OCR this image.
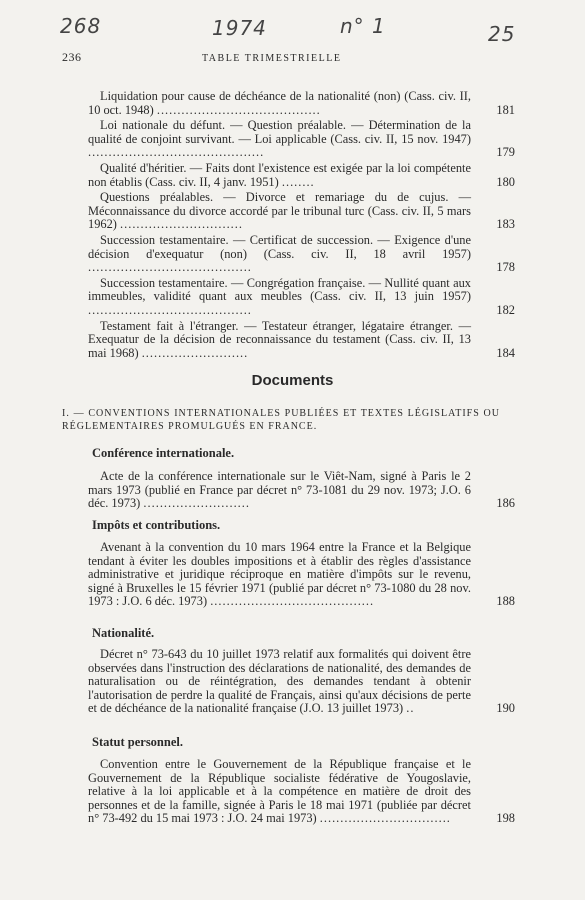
268	1974	n° 1	25
236	TABLE TRIMESTRIELLE

Liquidation pour cause de déchéance de la nationalité (non) (Cass. civ. II, 10 oct. 1948) ........................................	181

Loi nationale du défunt. — Question préalable. — Détermination de la qualité de conjoint survivant. — Loi applicable (Cass. civ. II, 15 nov. 1947) ...........................................	179

Qualité d'héritier. — Faits dont l'existence est exigée par la loi compétente non établis (Cass. civ. II, 4 janv. 1951) ........	180

Questions préalables. — Divorce et remariage du de cujus. — Méconnaissance du divorce accordé par le tribunal turc (Cass. civ. II, 5 mars 1962) ..............................	183

Succession testamentaire. — Certificat de succession. — Exigence d'une décision d'exequatur (non) (Cass. civ. II, 18 avril 1957) ........................................	178

Succession testamentaire. — Congrégation française. — Nullité quant aux immeubles, validité quant aux meubles (Cass. civ. II, 13 juin 1957) ........................................	182

Testament fait à l'étranger. — Testateur étranger, légataire étranger. — Exequatur de la décision de reconnaissance du testament (Cass. civ. II, 13 mai 1968) ..........................	184
Documents
I. — CONVENTIONS INTERNATIONALES PUBLIÉES ET TEXTES LÉGISLATIFS OU RÉGLEMENTAIRES PROMULGUÉS EN FRANCE.
Conférence internationale.

Acte de la conférence internationale sur le Viêt-Nam, signé à Paris le 2 mars 1973 (publié en France par décret n° 73-1081 du 29 nov. 1973; J.O. 6 déc. 1973) ..........................	186
Impôts et contributions.

Avenant à la convention du 10 mars 1964 entre la France et la Belgique tendant à éviter les doubles impositions et à établir des règles d'assistance administrative et juridique réciproque en matière d'impôts sur le revenu, signé à Bruxelles le 15 février 1971 (publié par décret n° 73-1080 du 28 nov. 1973 : J.O. 6 déc. 1973) ........................................	188
Nationalité.

Décret n° 73-643 du 10 juillet 1973 relatif aux formalités qui doivent être observées dans l'instruction des déclarations de nationalité, des demandes de naturalisation ou de réintégration, des demandes tendant à obtenir l'autorisation de perdre la qualité de Français, ainsi qu'aux décisions de perte et de déchéance de la nationalité française (J.O. 13 juillet 1973) ..	190
Statut personnel.

Convention entre le Gouvernement de la République française et le Gouvernement de la République socialiste fédérative de Yougoslavie, relative à la loi applicable et à la compétence en matière de droit des personnes et de la famille, signée à Paris le 18 mai 1971 (publiée par décret n° 73-492 du 15 mai 1973 : J.O. 24 mai 1973) ................................	198
